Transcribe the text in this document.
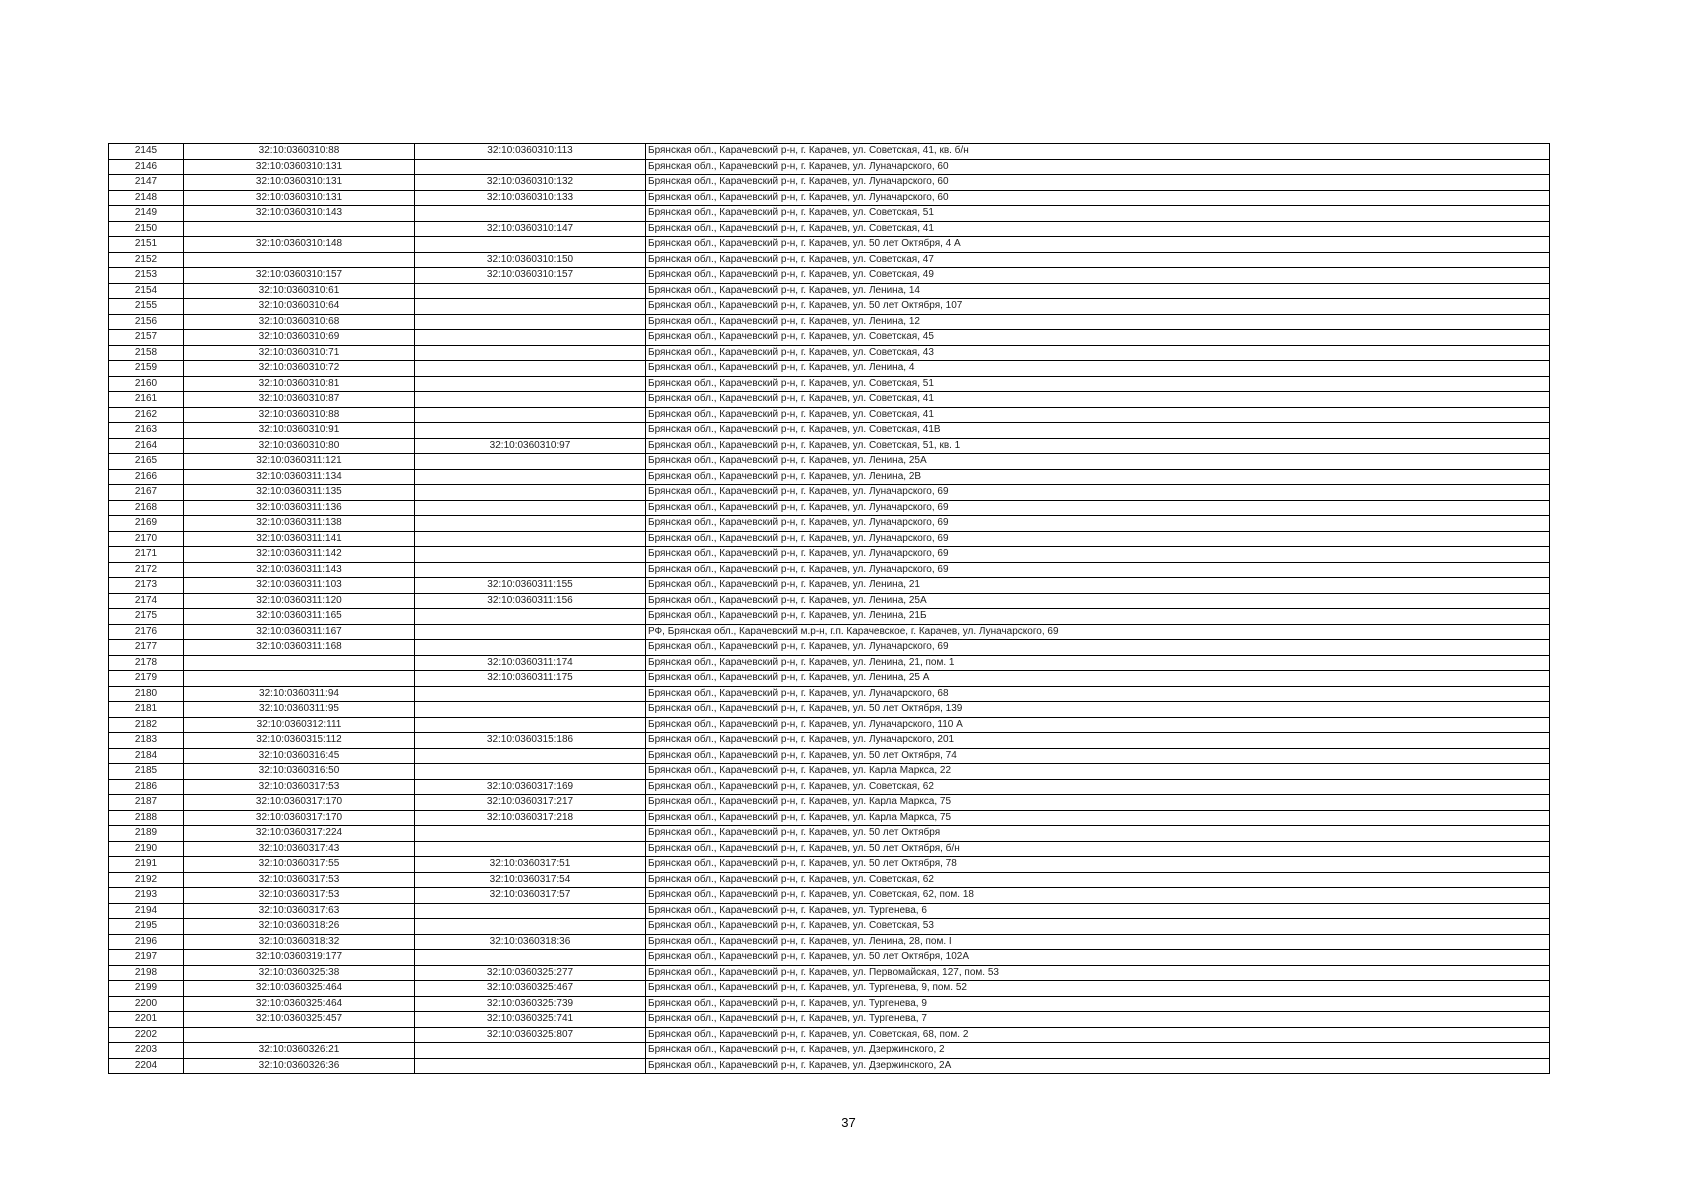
2145	32:10:0360310:88	32:10:0360310:113	Брянская обл., Карачевский р-н, г. Карачев, ул. Советская, 41, кв. б/н
2146	32:10:0360310:131		Брянская обл., Карачевский р-н, г. Карачев, ул. Луначарского, 60
2147	32:10:0360310:131	32:10:0360310:132	Брянская обл., Карачевский р-н, г. Карачев, ул. Луначарского, 60
2148	32:10:0360310:131	32:10:0360310:133	Брянская обл., Карачевский р-н, г. Карачев, ул. Луначарского, 60
2149	32:10:0360310:143		Брянская обл., Карачевский р-н, г. Карачев, ул. Советская, 51
2150		32:10:0360310:147	Брянская обл., Карачевский р-н, г. Карачев, ул. Советская, 41
2151	32:10:0360310:148		Брянская обл., Карачевский р-н, г. Карачев, ул. 50 лет Октября, 4 А
2152		32:10:0360310:150	Брянская обл., Карачевский р-н, г. Карачев, ул. Советская, 47
2153	32:10:0360310:157	32:10:0360310:157	Брянская обл., Карачевский р-н, г. Карачев, ул. Советская, 49
2154	32:10:0360310:61		Брянская обл., Карачевский р-н, г. Карачев, ул. Ленина, 14
2155	32:10:0360310:64		Брянская обл., Карачевский р-н, г. Карачев, ул. 50 лет Октября, 107
2156	32:10:0360310:68		Брянская обл., Карачевский р-н, г. Карачев, ул. Ленина, 12
2157	32:10:0360310:69		Брянская обл., Карачевский р-н, г. Карачев, ул. Советская, 45
2158	32:10:0360310:71		Брянская обл., Карачевский р-н, г. Карачев, ул. Советская, 43
2159	32:10:0360310:72		Брянская обл., Карачевский р-н, г. Карачев, ул. Ленина, 4
2160	32:10:0360310:81		Брянская обл., Карачевский р-н, г. Карачев, ул. Советская, 51
2161	32:10:0360310:87		Брянская обл., Карачевский р-н, г. Карачев, ул. Советская, 41
2162	32:10:0360310:88		Брянская обл., Карачевский р-н, г. Карачев, ул. Советская, 41
2163	32:10:0360310:91		Брянская обл., Карачевский р-н, г. Карачев, ул. Советская, 41В
2164	32:10:0360310:80	32:10:0360310:97	Брянская обл., Карачевский р-н, г. Карачев, ул. Советская, 51, кв. 1
2165	32:10:0360311:121		Брянская обл., Карачевский р-н, г. Карачев, ул. Ленина, 25А
2166	32:10:0360311:134		Брянская обл., Карачевский р-н, г. Карачев, ул. Ленина, 2В
2167	32:10:0360311:135		Брянская обл., Карачевский р-н, г. Карачев, ул. Луначарского, 69
2168	32:10:0360311:136		Брянская обл., Карачевский р-н, г. Карачев, ул. Луначарского, 69
2169	32:10:0360311:138		Брянская обл., Карачевский р-н, г. Карачев, ул. Луначарского, 69
2170	32:10:0360311:141		Брянская обл., Карачевский р-н, г. Карачев, ул. Луначарского, 69
2171	32:10:0360311:142		Брянская обл., Карачевский р-н, г. Карачев, ул. Луначарского, 69
2172	32:10:0360311:143		Брянская обл., Карачевский р-н, г. Карачев, ул. Луначарского, 69
2173	32:10:0360311:103	32:10:0360311:155	Брянская обл., Карачевский р-н, г. Карачев, ул. Ленина, 21
2174	32:10:0360311:120	32:10:0360311:156	Брянская обл., Карачевский р-н, г. Карачев, ул. Ленина, 25А
2175	32:10:0360311:165		Брянская обл., Карачевский р-н, г. Карачев, ул. Ленина, 21Б
2176	32:10:0360311:167		РФ, Брянская обл., Карачевский м.р-н, г.п. Карачевское, г. Карачев, ул. Луначарского, 69
2177	32:10:0360311:168		Брянская обл., Карачевский р-н, г. Карачев, ул. Луначарского, 69
2178		32:10:0360311:174	Брянская обл., Карачевский р-н, г. Карачев, ул. Ленина, 21, пом. 1
2179		32:10:0360311:175	Брянская обл., Карачевский р-н, г. Карачев, ул. Ленина, 25 А
2180	32:10:0360311:94		Брянская обл., Карачевский р-н, г. Карачев, ул. Луначарского, 68
2181	32:10:0360311:95		Брянская обл., Карачевский р-н, г. Карачев, ул. 50 лет Октября, 139
2182	32:10:0360312:111		Брянская обл., Карачевский р-н, г. Карачев, ул. Луначарского, 110 А
2183	32:10:0360315:112	32:10:0360315:186	Брянская обл., Карачевский р-н, г. Карачев, ул. Луначарского, 201
2184	32:10:0360316:45		Брянская обл., Карачевский р-н, г. Карачев, ул. 50 лет Октября, 74
2185	32:10:0360316:50		Брянская обл., Карачевский р-н, г. Карачев, ул. Карла Маркса, 22
2186	32:10:0360317:53	32:10:0360317:169	Брянская обл., Карачевский р-н, г. Карачев, ул. Советская, 62
2187	32:10:0360317:170	32:10:0360317:217	Брянская обл., Карачевский р-н, г. Карачев, ул. Карла Маркса, 75
2188	32:10:0360317:170	32:10:0360317:218	Брянская обл., Карачевский р-н, г. Карачев, ул. Карла Маркса, 75
2189	32:10:0360317:224		Брянская обл., Карачевский р-н, г. Карачев, ул. 50 лет Октября
2190	32:10:0360317:43		Брянская обл., Карачевский р-н, г. Карачев, ул. 50 лет Октября, б/н
2191	32:10:0360317:55	32:10:0360317:51	Брянская обл., Карачевский р-н, г. Карачев, ул. 50 лет Октября, 78
2192	32:10:0360317:53	32:10:0360317:54	Брянская обл., Карачевский р-н, г. Карачев, ул. Советская, 62
2193	32:10:0360317:53	32:10:0360317:57	Брянская обл., Карачевский р-н, г. Карачев, ул. Советская, 62, пом. 18
2194	32:10:0360317:63		Брянская обл., Карачевский р-н, г. Карачев, ул. Тургенева, 6
2195	32:10:0360318:26		Брянская обл., Карачевский р-н, г. Карачев, ул. Советская, 53
2196	32:10:0360318:32	32:10:0360318:36	Брянская обл., Карачевский р-н, г. Карачев, ул. Ленина, 28, пом. I
2197	32:10:0360319:177		Брянская обл., Карачевский р-н, г. Карачев, ул. 50 лет Октября, 102А
2198	32:10:0360325:38	32:10:0360325:277	Брянская обл., Карачевский р-н, г. Карачев, ул. Первомайская, 127, пом. 53
2199	32:10:0360325:464	32:10:0360325:467	Брянская обл., Карачевский р-н, г. Карачев, ул. Тургенева, 9, пом. 52
2200	32:10:0360325:464	32:10:0360325:739	Брянская обл., Карачевский р-н, г. Карачев, ул. Тургенева, 9
2201	32:10:0360325:457	32:10:0360325:741	Брянская обл., Карачевский р-н, г. Карачев, ул. Тургенева, 7
2202		32:10:0360325:807	Брянская обл., Карачевский р-н, г. Карачев, ул. Советская, 68, пом. 2
2203	32:10:0360326:21		Брянская обл., Карачевский р-н, г. Карачев, ул. Дзержинского, 2
2204	32:10:0360326:36		Брянская обл., Карачевский р-н, г. Карачев, ул. Дзержинского, 2А
37
